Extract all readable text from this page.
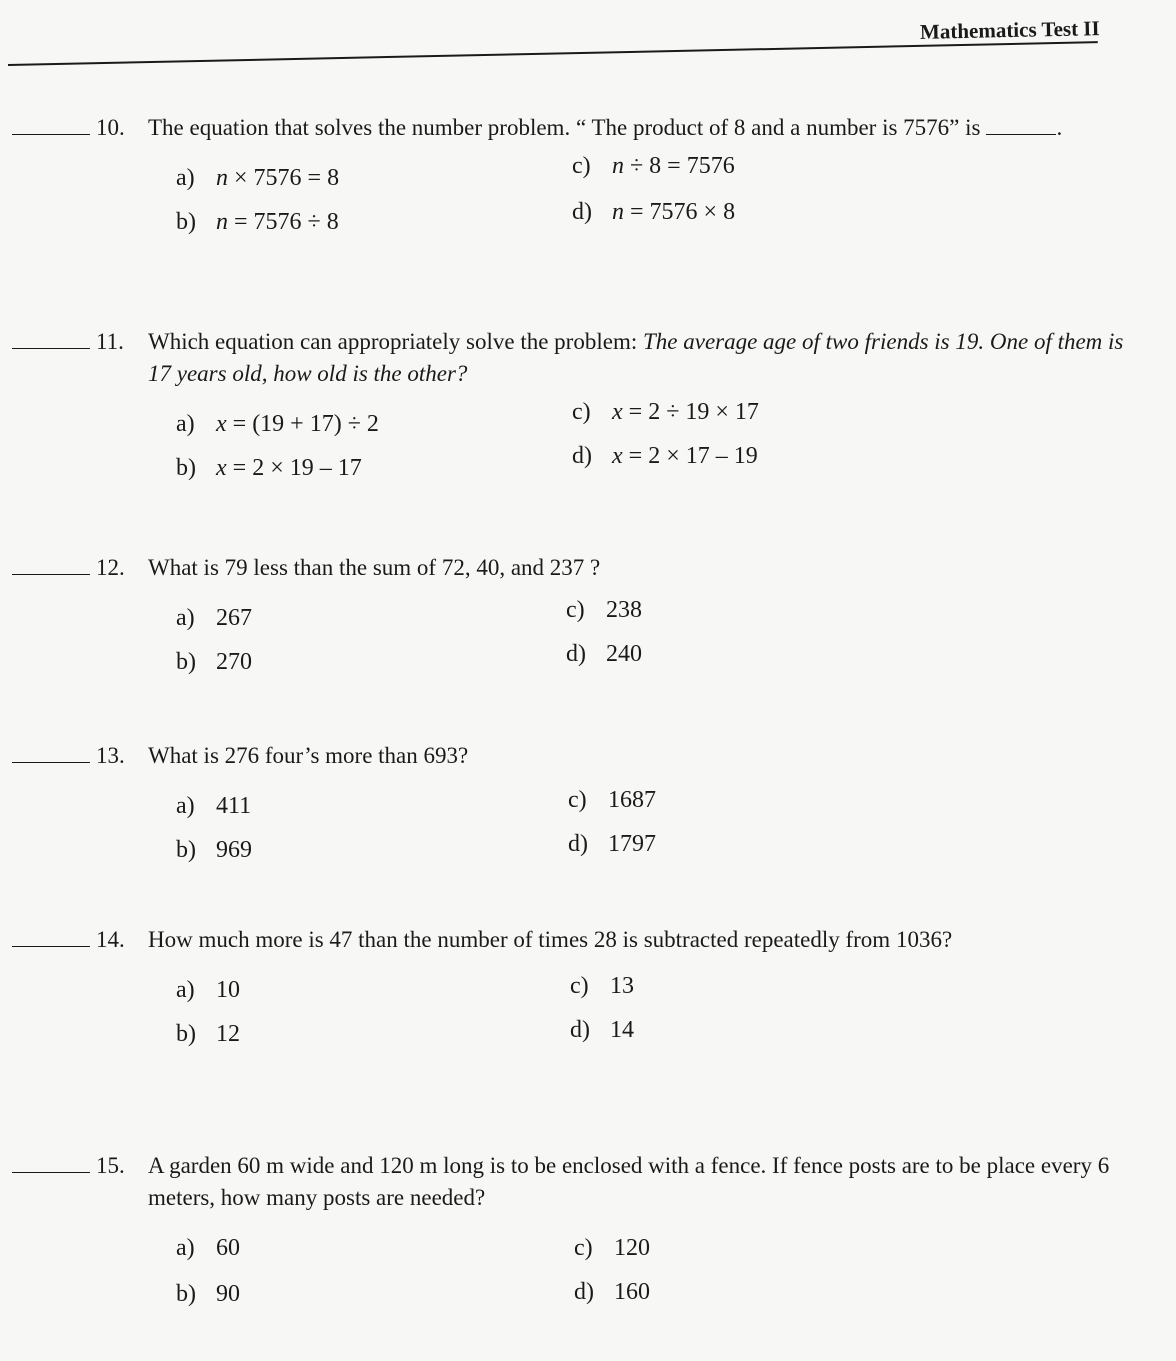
Mathematics Test II
10.	The equation that solves the number problem. “ The product of 8 and a number is 7576” is	.
a) n × 7576 = 8
b) n = 7576 ÷ 8
c) n ÷ 8 = 7576
d) n = 7576 × 8
11.	Which equation can appropriately solve the problem: The average age of two friends is 19. One of them is 17 years old, how old is the other?
a) x = (19 + 17) ÷ 2
b) x = 2 × 19 – 17
c) x = 2 ÷ 19 × 17
d) x = 2 × 17 – 19
12.	What is 79 less than the sum of 72, 40, and 237 ?
a) 267
b) 270
c) 238
d) 240
13.	What is 276 four’s more than 693?
a) 411
b) 969
c) 1687
d) 1797
14.	How much more is 47 than the number of times 28 is subtracted repeatedly from 1036?
a) 10
b) 12
c) 13
d) 14
15.	A garden 60 m wide and 120 m long is to be enclosed with a fence. If fence posts are to be place every 6 meters, how many posts are needed?
a) 60
b) 90
c) 120
d) 160
